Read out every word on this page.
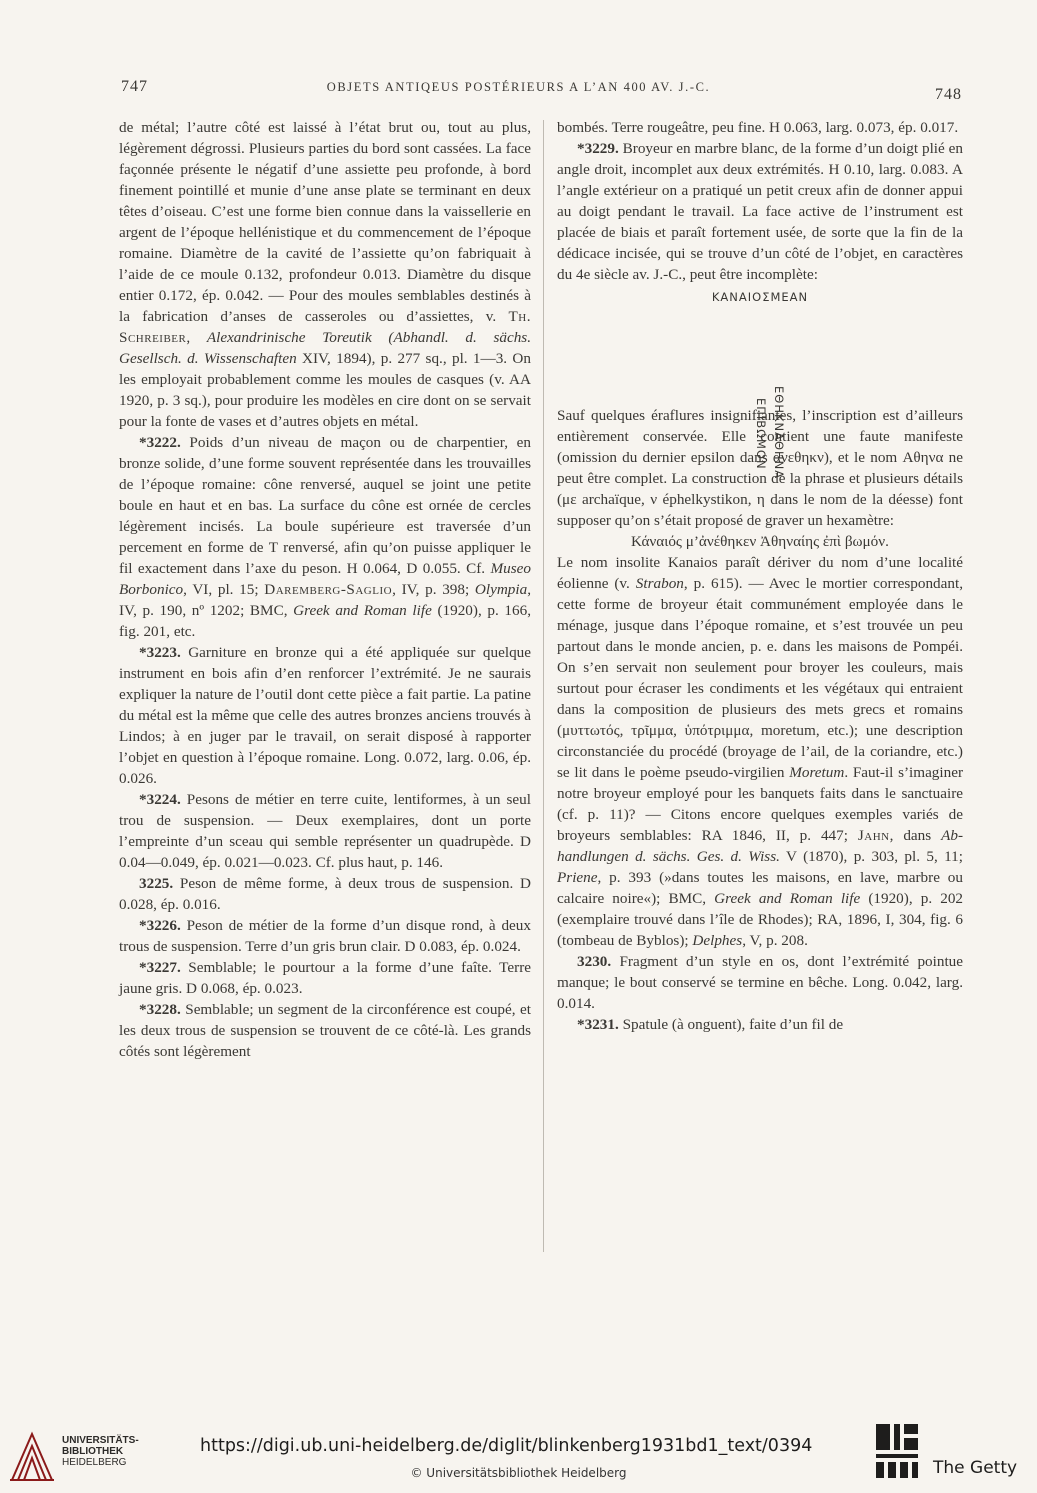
747	OBJETS ANTIQEUS POSTÉRIEURS A L’AN 400 AV. J.-C.	748

de métal; l’autre côté est laissé à l’état brut ou, tout au plus, légèrement dégrossi. Plusieurs parties du bord sont cassées. La face façonnée présente le négatif d’une assiette peu profonde, à bord finement pointillé et munie d’une anse plate se terminant en deux têtes d’oiseau. C’est une forme bien connue dans la vaissellerie en argent de l’époque hellénistique et du commencement de l’époque romaine. Diamètre de la cavité de l’assiette qu’on fabriquait à l’aide de ce moule 0.132, profondeur 0.013. Diamètre du disque entier 0.172, ép. 0.042. — Pour des moules semblables destinés à la fabrication d’anses de casseroles ou d’assiettes, v. Th. Schreiber, Alexandrinische Toreutik (Abhandl. d. sächs. Gesellsch. d. Wissenschaften XIV, 1894), p. 277 sq., pl. 1—3. On les employait probablement comme les moules de casques (v. AA 1920, p. 3 sq.), pour produire les modèles en cire dont on se servait pour la fonte de vases et d’autres objets en métal.

*3222. Poids d’un niveau de maçon ou de charpentier, en bronze solide, d’une forme souvent représentée dans les trouvailles de l’époque romaine: cône renversé, auquel se joint une petite boule en haut et en bas. La surface du cône est ornée de cercles légèrement incisés. La boule supérieure est traversée d’un percement en forme de T renversé, afin qu’on puisse appliquer le fil exactement dans l’axe du peson. H 0.064, D 0.055. Cf. Museo Borbonico, VI, pl. 15; Daremberg-Saglio, IV, p. 398; Olympia, IV, p. 190, nº 1202; BMC, Greek and Roman life (1920), p. 166, fig. 201, etc.

*3223. Garniture en bronze qui a été appliquée sur quelque instrument en bois afin d’en renforcer l’extrémité. Je ne saurais expliquer la nature de l’outil dont cette pièce a fait partie. La patine du métal est la même que celle des autres bronzes anciens trouvés à Lindos; à en juger par le travail, on serait disposé à rapporter l’objet en question à l’époque romaine. Long. 0.072, larg. 0.06, ép. 0.026.

*3224. Pesons de métier en terre cuite, lentiformes, à un seul trou de suspension. — Deux exemplaires, dont un porte l’empreinte d’un sceau qui semble représenter un quadrupède. D 0.04—0.049, ép. 0.021—0.023. Cf. plus haut, p. 146.

3225. Peson de même forme, à deux trous de suspension. D 0.028, ép. 0.016.

*3226. Peson de métier de la forme d’un disque rond, à deux trous de suspension. Terre d’un gris brun clair. D 0.083, ép. 0.024.

*3227. Semblable; le pourtour a la forme d’une faîte. Terre jaune gris. D 0.068, ép. 0.023.

*3228. Semblable; un segment de la circonférence est coupé, et les deux trous de suspension se trouvent de ce côté-là. Les grands côtés sont légèrement

bombés. Terre rougeâtre, peu fine. H 0.063, larg. 0.073, ép. 0.017.

*3229. Broyeur en marbre blanc, de la forme d’un doigt plié en angle droit, incomplet aux deux extrémités. H 0.10, larg. 0.083. A l’angle extérieur on a pratiqué un petit creux afin de donner appui au doigt pendant le travail. La face active de l’instrument est placée de biais et paraît fortement usée, de sorte que la fin de la dédicace incisée, qui se trouve d’un côté de l’objet, en caractères du 4e siècle av. J.-C., peut être incomplète:

ΚΑΝΑΙΟΣΜΕΑΝ

Sauf quelques éraflures insignifiantes, l’inscription est d’ailleurs entièrement conservée. Elle contient une faute manifeste (omission du dernier epsilon dans ανεθηκν), et le nom Αθηνα ne peut être complet. La construction de la phrase et plusieurs détails (με archaïque, ν éphelkystikon, η dans le nom de la déesse) font supposer qu’on s’était proposé de graver un hexamètre:

Κάναιός μ’ἀνέθηκεν Ἀθηναίης ἐπὶ βωμόν.

Le nom insolite Kanaios paraît dériver du nom d’une localité éolienne (v. Strabon, p. 615). — Avec le mortier correspondant, cette forme de broyeur était communément employée dans le ménage, jusque dans l’époque romaine, et s’est trouvée un peu partout dans le monde ancien, p. e. dans les maisons de Pompéi. On s’en servait non seulement pour broyer les couleurs, mais surtout pour écraser les condiments et les végétaux qui entraient dans la composition de plusieurs des mets grecs et romains (μυττωτός, τρῖμμα, ὑπότριμμα, moretum, etc.); une description circonstanciée du procédé (broyage de l’ail, de la coriandre, etc.) se lit dans le poème pseudo-virgilien Moretum. Faut-il s’imaginer notre broyeur employé pour les banquets faits dans le sanctuaire (cf. p. 11)? — Citons encore quelques exemples variés de broyeurs semblables: RA 1846, II, p. 447; Jahn, dans Abhandlungen d. sächs. Ges. d. Wiss. V (1870), p. 303, pl. 5, 11; Priene, p. 393 (»dans toutes les maisons, en lave, marbre ou calcaire noire«); BMC, Greek and Roman life (1920), p. 202 (exemplaire trouvé dans l’île de Rhodes); RA, 1896, I, 304, fig. 6 (tombeau de Byblos); Delphes, V, p. 208.

3230. Fragment d’un style en os, dont l’extrémité pointue manque; le bout conservé se termine en bêche. Long. 0.042, larg. 0.014.

*3231. Spatule (à onguent), faite d’un fil de

ΕΘΗΚΝΑΘΗΝΑ
ΕΠΙΒΩΜΟΝ
UNIVERSITÄTS-
BIBLIOTHEK
HEIDELBERG
https://digi.ub.uni-heidelberg.de/diglit/blinkenberg1931bd1_text/0394
© Universitätsbibliothek Heidelberg	The Getty
